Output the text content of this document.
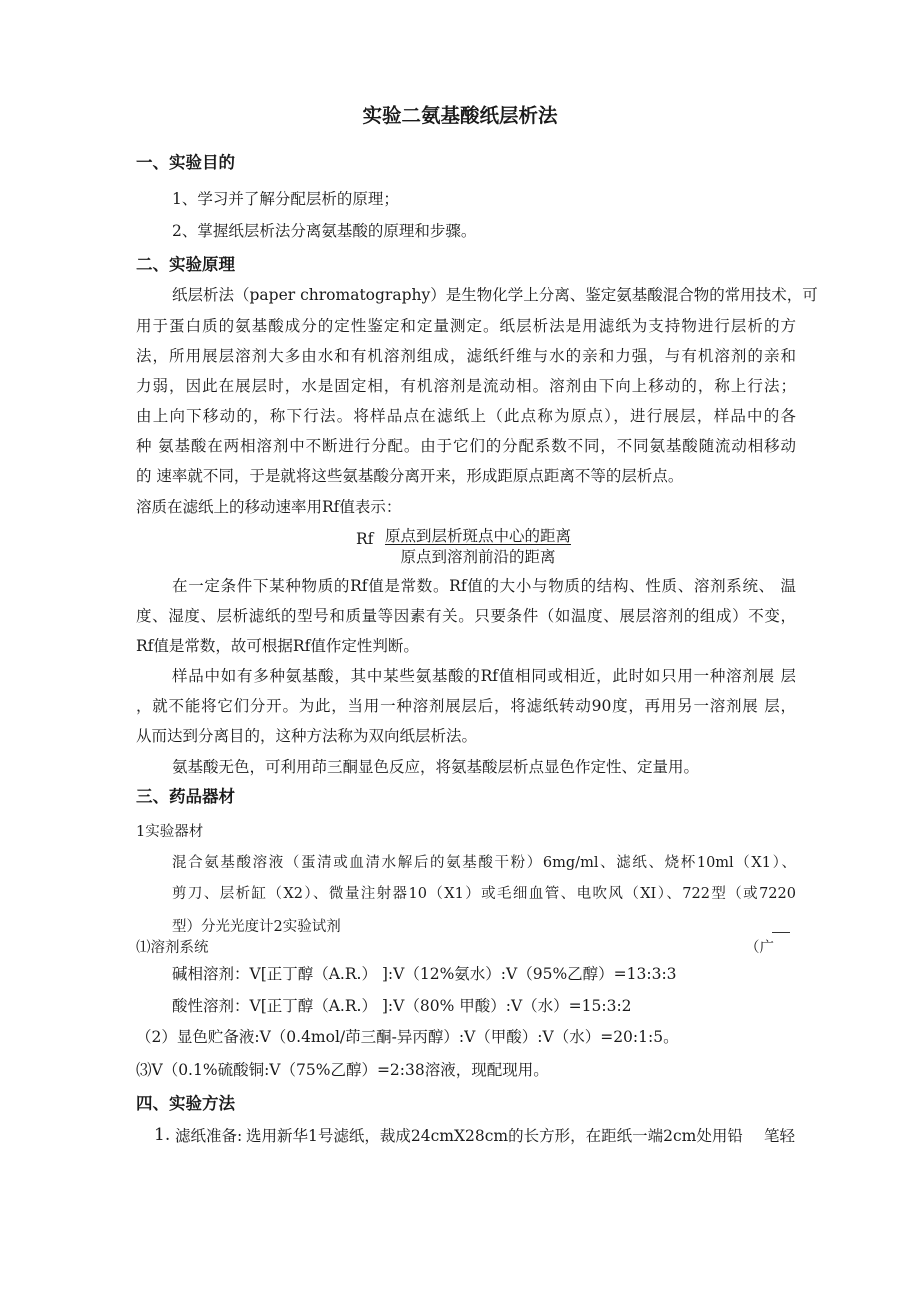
实验二氨基酸纸层析法
一、实验目的
1、学习并了解分配层析的原理；
2、掌握纸层析法分离氨基酸的原理和步骤。
二、实验原理
纸层析法（paper chromatography）是生物化学上分离、鉴定氨基酸混合物的常用技术，可
用于蛋白质的氨基酸成分的定性鉴定和定量测定。纸层析法是用滤纸为支持物进行层析的方
法，所用展层溶剂大多由水和有机溶剂组成，滤纸纤维与水的亲和力强，与有机溶剂的亲和
力弱，因此在展层时，水是固定相，有机溶剂是流动相。溶剂由下向上移动的，称上行法；
由上向下移动的，称下行法。将样品点在滤纸上（此点称为原点），进行展层，样品中的各
种 氨基酸在两相溶剂中不断进行分配。由于它们的分配系数不同，不同氨基酸随流动相移动
的 速率就不同，于是就将这些氨基酸分离开来，形成距原点距离不等的层析点。
溶质在滤纸上的移动速率用Rf值表示：
Rf 原点到层析斑点中心的距离
原点到溶剂前沿的距离
在一定条件下某种物质的Rf值是常数。Rf值的大小与物质的结构、性质、溶剂系统、 温
度、湿度、层析滤纸的型号和质量等因素有关。只要条件（如温度、展层溶剂的组成）不变，
Rf值是常数，故可根据Rf值作定性判断。
样品中如有多种氨基酸，其中某些氨基酸的Rf值相同或相近，此时如只用一种溶剂展 层
，就不能将它们分开。为此，当用一种溶剂展层后，将滤纸转动90度，再用另一溶剂展 层，
从而达到分离目的，这种方法称为双向纸层析法。
氨基酸无色，可利用茚三酮显色反应，将氨基酸层析点显色作定性、定量用。
三、药品器材
1实验器材
混合氨基酸溶液（蛋清或血清水解后的氨基酸干粉）6mg/ml、滤纸、烧杯10ml（X1）、
剪刀、层析缸（X2）、微量注射器10（X1）或毛细血管、电吹风（XI）、722型（或7220
型）分光光度计2实验试剂
⑴溶剂系统	（广
碱相溶剂：V[正丁醇（A.R.） ]:V（12%氨水）:V（95%乙醇）=13:3:3
酸性溶剂：V[正丁醇（A.R.） ]:V（80% 甲酸）:V（水）=15:3:2
（2）显色贮备液:V（0.4mol/茚三酮-异丙醇）:V（甲酸）:V（水）=20:1:5。
⑶V（0.1%硫酸铜:V（75%乙醇）=2:38溶液，现配现用。
四、实验方法
1. 滤纸准备: 选用新华1号滤纸，裁成24cmX28cm的长方形，在距纸一端2cm处用铅 笔轻
